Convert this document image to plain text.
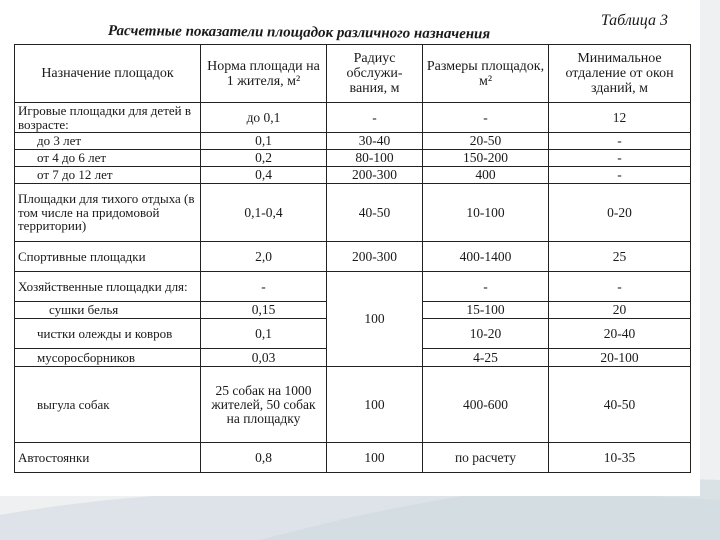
Таблица 3
Расчетные показатели площадок различного назначения
Назначение площадок	Норма площади на 1 жителя, м²	Радиус обслужи-вания, м	Размеры площадок, м²	Минимальное отдаление от окон зданий, м
Игровые площадки для детей в возрасте:	до 0,1	-	-	12
до 3 лет	0,1	30-40	20-50	-
от 4 до 6 лет	0,2	80-100	150-200	-
от 7 до 12 лет	0,4	200-300	400	-
Площадки для тихого отдыха (в том числе на придомовой территории)	0,1-0,4	40-50	10-100	0-20
Спортивные площадки	2,0	200-300	400-1400	25
Хозяйственные площадки для:	-	100	-	-
сушки белья	0,15		15-100	20
чистки олежды и ковров	0,1		10-20	20-40
мусоросборников	0,03		4-25	20-100
выгула собак	25 собак на 1000 жителей, 50 собак на площадку	100	400-600	40-50
Автостоянки	0,8	100	по расчету	10-35
